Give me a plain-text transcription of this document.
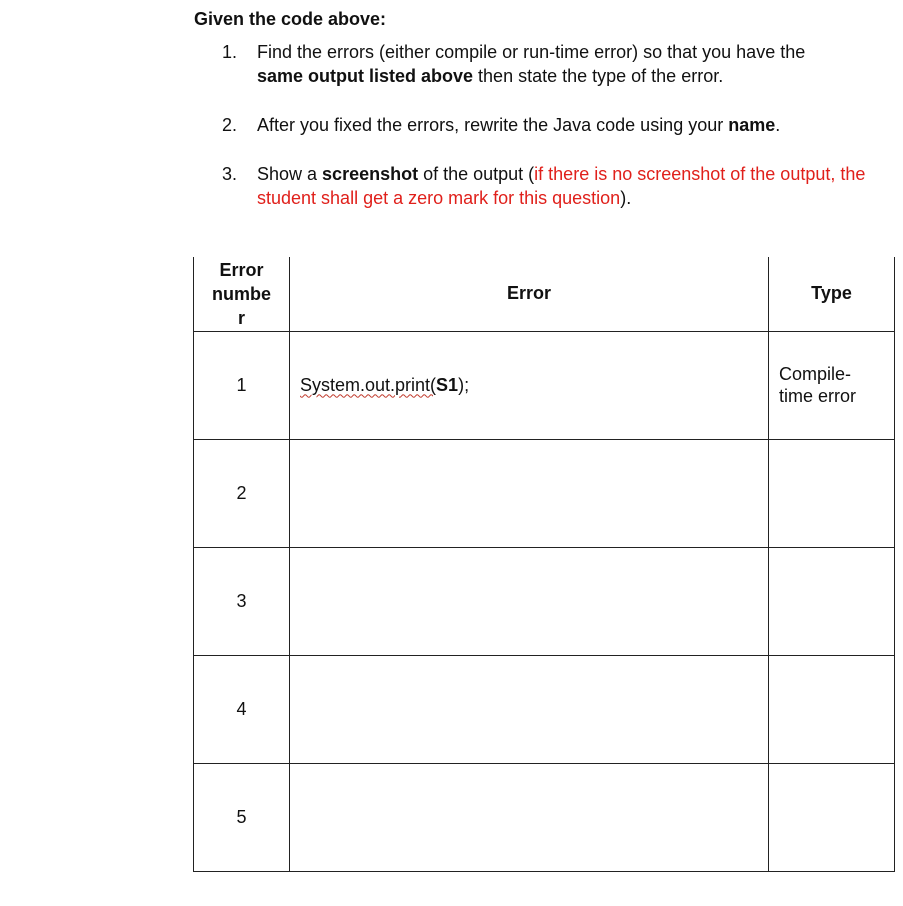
Given the code above:
1. Find the errors (either compile or run-time error) so that you have the
same output listed above then state the type of the error.
2. After you fixed the errors, rewrite the Java code using your name.
3. Show a screenshot of the output (if there is no screenshot of the output, the student shall get a zero mark for this question).
Error
numbe
r	Error	Type
1	System.out.print(S1);	Compile-
time error
2		
3		
4		
5		
